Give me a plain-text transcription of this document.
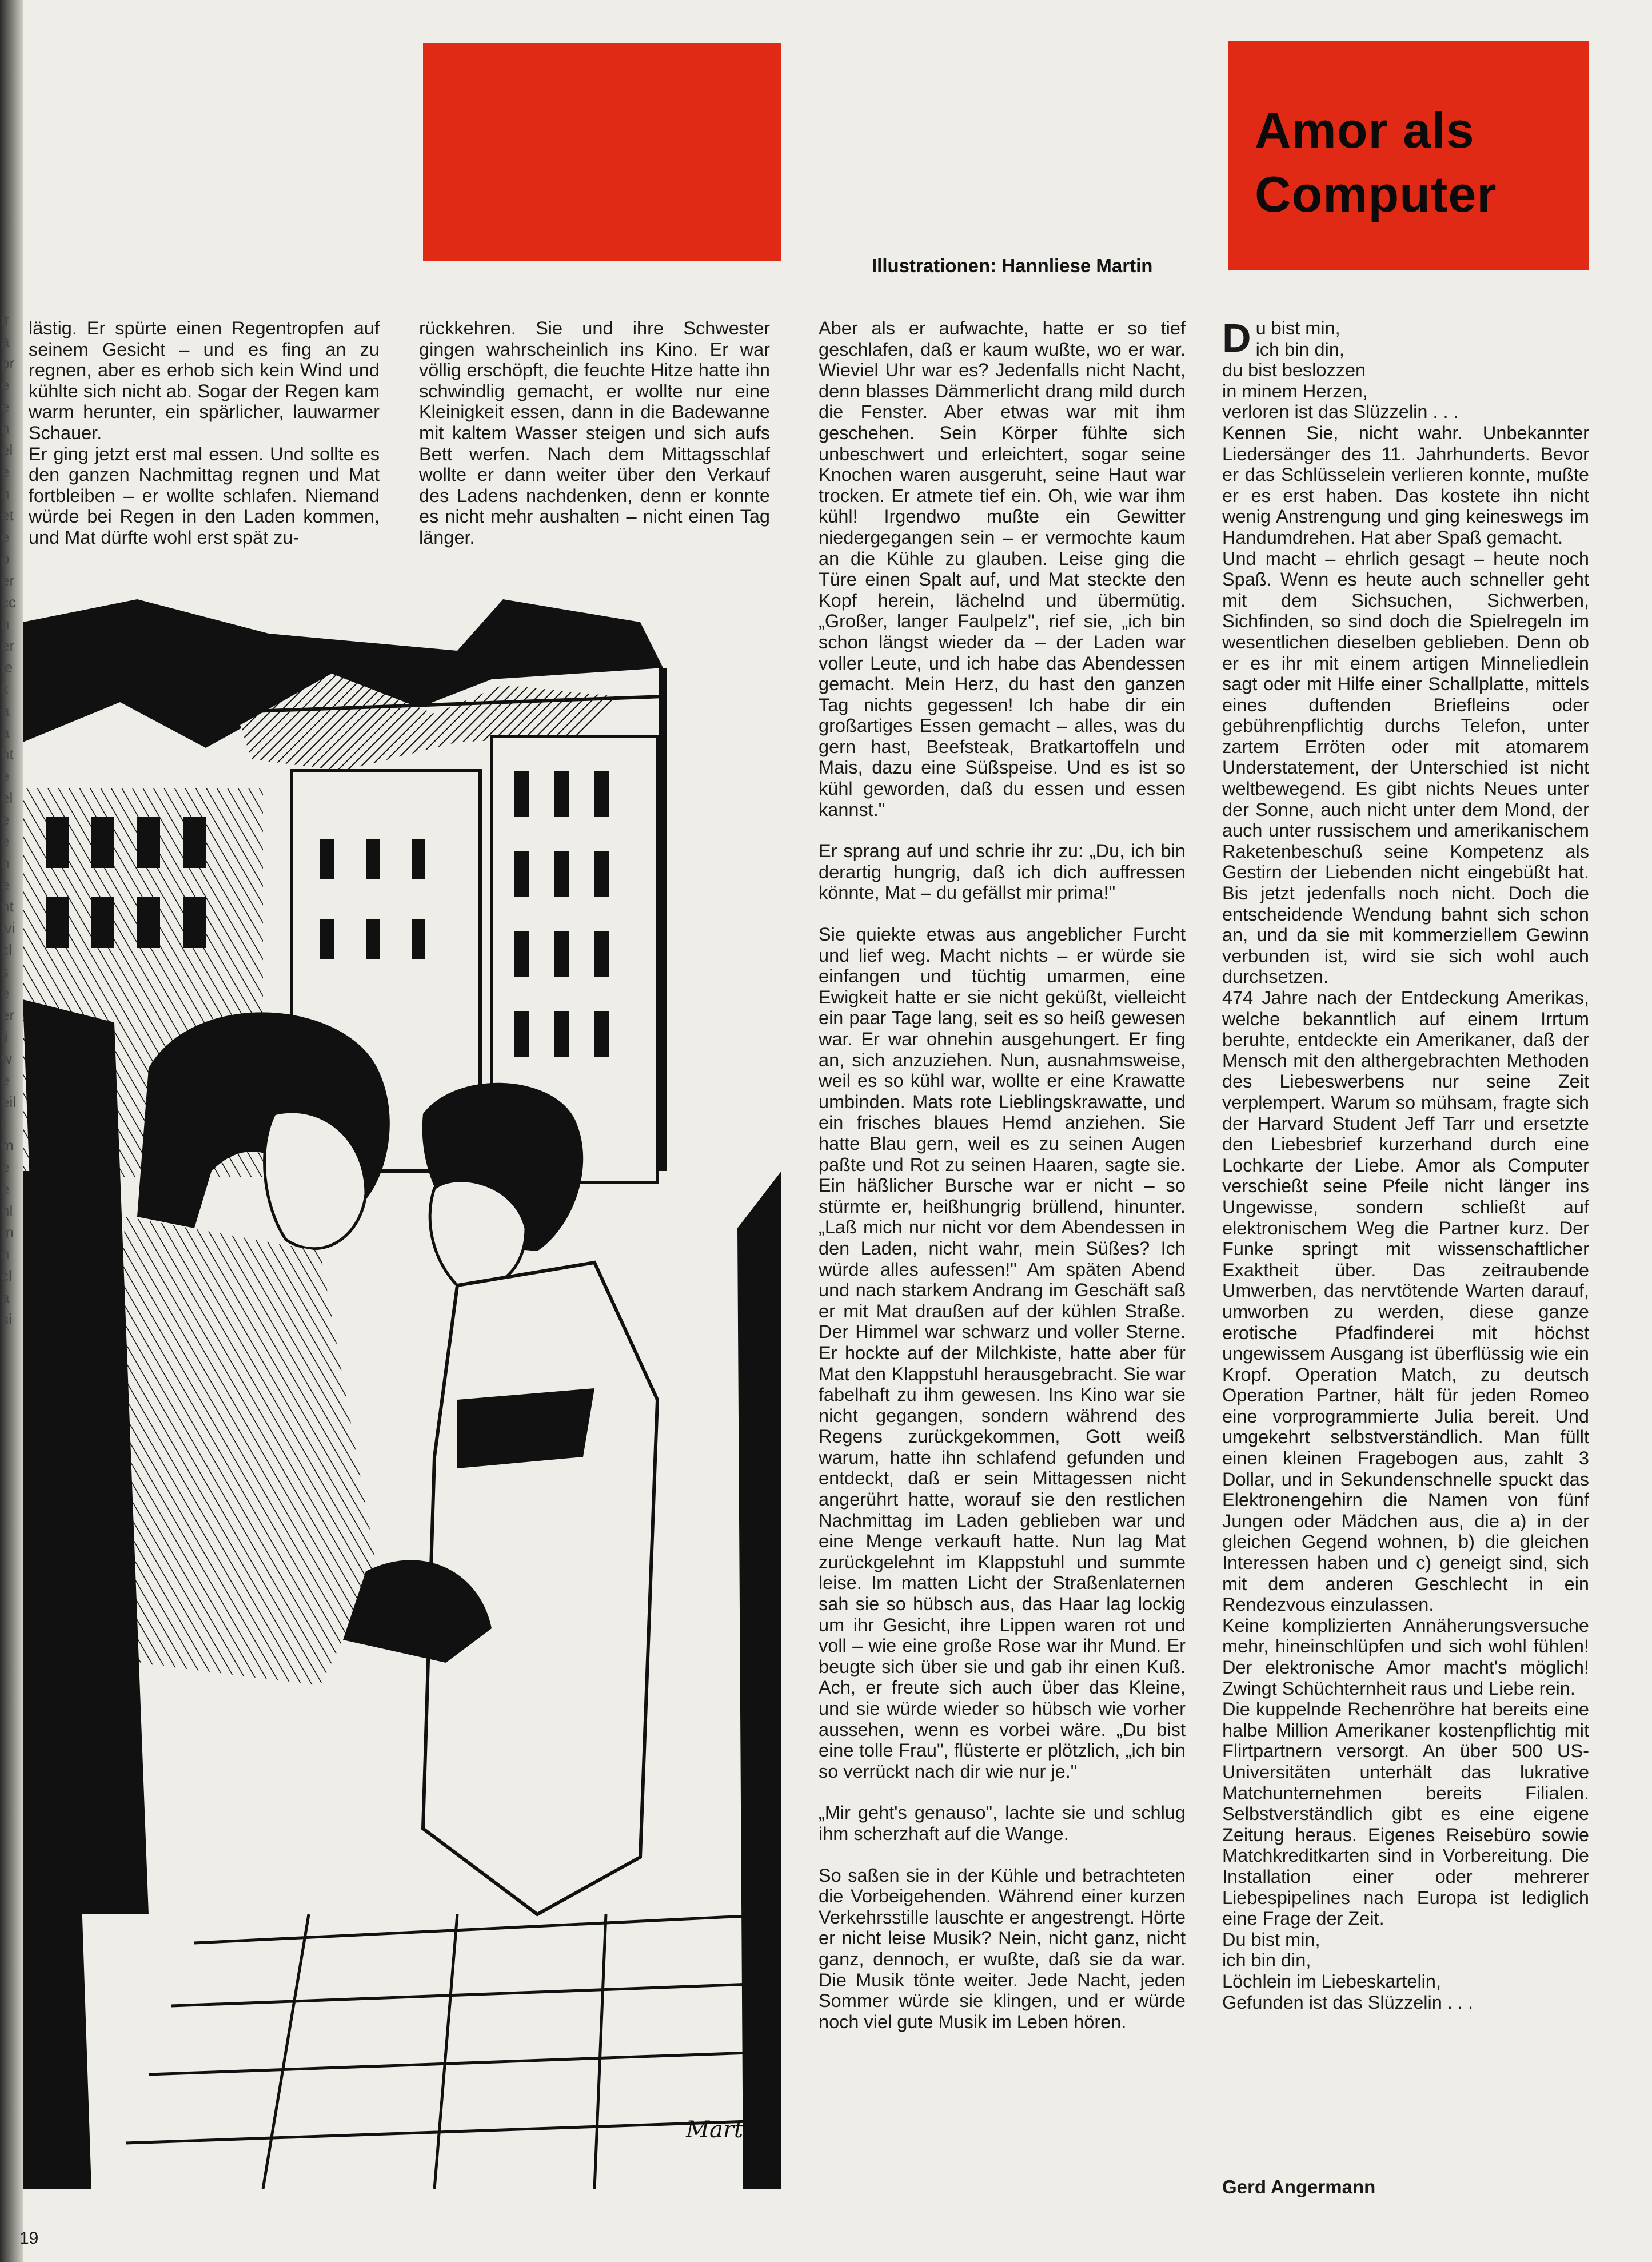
irapreeneleneteperccneriekaahteeleenentiviclseeriiweeilimeenlmnclasi
Amor als Computer
Illustrationen: Hannliese Martin

lästig. Er spürte einen Regentropfen auf seinem Gesicht – und es fing an zu regnen, aber es erhob sich kein Wind und kühlte sich nicht ab. Sogar der Regen kam warm herunter, ein spärlicher, lauwarmer Schauer.

Er ging jetzt erst mal essen. Und sollte es den ganzen Nachmittag regnen und Mat fortbleiben – er wollte schlafen. Niemand würde bei Regen in den Laden kommen, und Mat dürfte wohl erst spät zu-

rückkehren. Sie und ihre Schwester gingen wahrscheinlich ins Kino. Er war völlig erschöpft, die feuchte Hitze hatte ihn schwindlig gemacht, er wollte nur eine Kleinigkeit essen, dann in die Badewanne mit kaltem Wasser steigen und sich aufs Bett werfen. Nach dem Mittagsschlaf wollte er dann weiter über den Verkauf des Ladens nachdenken, denn er konnte es nicht mehr aushalten – nicht einen Tag länger.

Aber als er aufwachte, hatte er so tief geschlafen, daß er kaum wußte, wo er war. Wieviel Uhr war es? Jedenfalls nicht Nacht, denn blasses Dämmerlicht drang mild durch die Fenster. Aber etwas war mit ihm geschehen. Sein Körper fühlte sich unbeschwert und erleichtert, sogar seine Knochen waren ausgeruht, seine Haut war trocken. Er atmete tief ein. Oh, wie war ihm kühl! Irgendwo mußte ein Gewitter niedergegangen sein – er vermochte kaum an die Kühle zu glauben. Leise ging die Türe einen Spalt auf, und Mat steckte den Kopf herein, lächelnd und übermütig. „Großer, langer Faulpelz", rief sie, „ich bin schon längst wieder da – der Laden war voller Leute, und ich habe das Abendessen gemacht. Mein Herz, du hast den ganzen Tag nichts gegessen! Ich habe dir ein großartiges Essen gemacht – alles, was du gern hast, Beefsteak, Bratkartoffeln und Mais, dazu eine Süßspeise. Und es ist so kühl geworden, daß du essen und essen kannst."

Er sprang auf und schrie ihr zu: „Du, ich bin derartig hungrig, daß ich dich auffressen könnte, Mat – du gefällst mir prima!"

Sie quiekte etwas aus angeblicher Furcht und lief weg. Macht nichts – er würde sie einfangen und tüchtig umarmen, eine Ewigkeit hatte er sie nicht geküßt, vielleicht ein paar Tage lang, seit es so heiß gewesen war. Er war ohnehin ausgehungert. Er fing an, sich anzuziehen. Nun, ausnahmsweise, weil es so kühl war, wollte er eine Krawatte umbinden. Mats rote Lieblingskrawatte, und ein frisches blaues Hemd anziehen. Sie hatte Blau gern, weil es zu seinen Augen paßte und Rot zu seinen Haaren, sagte sie. Ein häßlicher Bursche war er nicht – so stürmte er, heißhungrig brüllend, hinunter. „Laß mich nur nicht vor dem Abendessen in den Laden, nicht wahr, mein Süßes? Ich würde alles aufessen!" Am späten Abend und nach starkem Andrang im Geschäft saß er mit Mat draußen auf der kühlen Straße. Der Himmel war schwarz und voller Sterne. Er hockte auf der Milchkiste, hatte aber für Mat den Klappstuhl herausgebracht. Sie war fabelhaft zu ihm gewesen. Ins Kino war sie nicht gegangen, sondern während des Regens zurückgekommen, Gott weiß warum, hatte ihn schlafend gefunden und entdeckt, daß er sein Mittagessen nicht angerührt hatte, worauf sie den restlichen Nachmittag im Laden geblieben war und eine Menge verkauft hatte. Nun lag Mat zurückgelehnt im Klappstuhl und summte leise. Im matten Licht der Straßenlaternen sah sie so hübsch aus, das Haar lag lockig um ihr Gesicht, ihre Lippen waren rot und voll – wie eine große Rose war ihr Mund. Er beugte sich über sie und gab ihr einen Kuß. Ach, er freute sich auch über das Kleine, und sie würde wieder so hübsch wie vorher aussehen, wenn es vorbei wäre. „Du bist eine tolle Frau", flüsterte er plötzlich, „ich bin so verrückt nach dir wie nur je."

„Mir geht's genauso", lachte sie und schlug ihm scherzhaft auf die Wange.

So saßen sie in der Kühle und betrachteten die Vorbeigehenden. Während einer kurzen Verkehrsstille lauschte er angestrengt. Hörte er nicht leise Musik? Nein, nicht ganz, nicht ganz, dennoch, er wußte, daß sie da war. Die Musik tönte weiter. Jede Nacht, jeden Sommer würde sie klingen, und er würde noch viel gute Musik im Leben hören.

D u bist min,
ich bin din,
du bist beslozzen
in minem Herzen,
verloren ist das Slüzzelin . . .

Kennen Sie, nicht wahr. Unbekannter Liedersänger des 11. Jahrhunderts. Bevor er das Schlüsselein verlieren konnte, mußte er es erst haben. Das kostete ihn nicht wenig Anstrengung und ging keineswegs im Handumdrehen. Hat aber Spaß gemacht.

Und macht – ehrlich gesagt – heute noch Spaß. Wenn es heute auch schneller geht mit dem Sichsuchen, Sichwerben, Sichfinden, so sind doch die Spielregeln im wesentlichen dieselben geblieben. Denn ob er es ihr mit einem artigen Minneliedlein sagt oder mit Hilfe einer Schallplatte, mittels eines duftenden Briefleins oder gebührenpflichtig durchs Telefon, unter zartem Erröten oder mit atomarem Understatement, der Unterschied ist nicht weltbewegend. Es gibt nichts Neues unter der Sonne, auch nicht unter dem Mond, der auch unter russischem und amerikanischem Raketenbeschuß seine Kompetenz als Gestirn der Liebenden nicht eingebüßt hat. Bis jetzt jedenfalls noch nicht. Doch die entscheidende Wendung bahnt sich schon an, und da sie mit kommerziellem Gewinn verbunden ist, wird sie sich wohl auch durchsetzen.

474 Jahre nach der Entdeckung Amerikas, welche bekanntlich auf einem Irrtum beruhte, entdeckte ein Amerikaner, daß der Mensch mit den althergebrachten Methoden des Liebeswerbens nur seine Zeit verplempert. Warum so mühsam, fragte sich der Harvard Student Jeff Tarr und ersetzte den Liebesbrief kurzerhand durch eine Lochkarte der Liebe. Amor als Computer verschießt seine Pfeile nicht länger ins Ungewisse, sondern schließt auf elektronischem Weg die Partner kurz. Der Funke springt mit wissenschaftlicher Exaktheit über. Das zeitraubende Umwerben, das nervtötende Warten darauf, umworben zu werden, diese ganze erotische Pfadfinderei mit höchst ungewissem Ausgang ist überflüssig wie ein Kropf. Operation Match, zu deutsch Operation Partner, hält für jeden Romeo eine vorprogrammierte Julia bereit. Und umgekehrt selbstverständlich. Man füllt einen kleinen Fragebogen aus, zahlt 3 Dollar, und in Sekundenschnelle spuckt das Elektronengehirn die Namen von fünf Jungen oder Mädchen aus, die a) in der gleichen Gegend wohnen, b) die gleichen Interessen haben und c) geneigt sind, sich mit dem anderen Geschlecht in ein Rendezvous einzulassen.

Keine komplizierten Annäherungsversuche mehr, hineinschlüpfen und sich wohl fühlen! Der elektronische Amor macht's möglich! Zwingt Schüchternheit raus und Liebe rein.

Die kuppelnde Rechenröhre hat bereits eine halbe Million Amerikaner kostenpflichtig mit Flirtpartnern versorgt. An über 500 US-Universitäten unterhält das lukrative Matchunternehmen bereits Filialen. Selbstverständlich gibt es eine eigene Zeitung heraus. Eigenes Reisebüro sowie Matchkreditkarten sind in Vorbereitung. Die Installation einer oder mehrerer Liebespipelines nach Europa ist lediglich eine Frage der Zeit.

Du bist min,
ich bin din,
Löchlein im Liebeskartelin,
Gefunden ist das Slüzzelin . . .
Martin
Gerd Angermann
19
